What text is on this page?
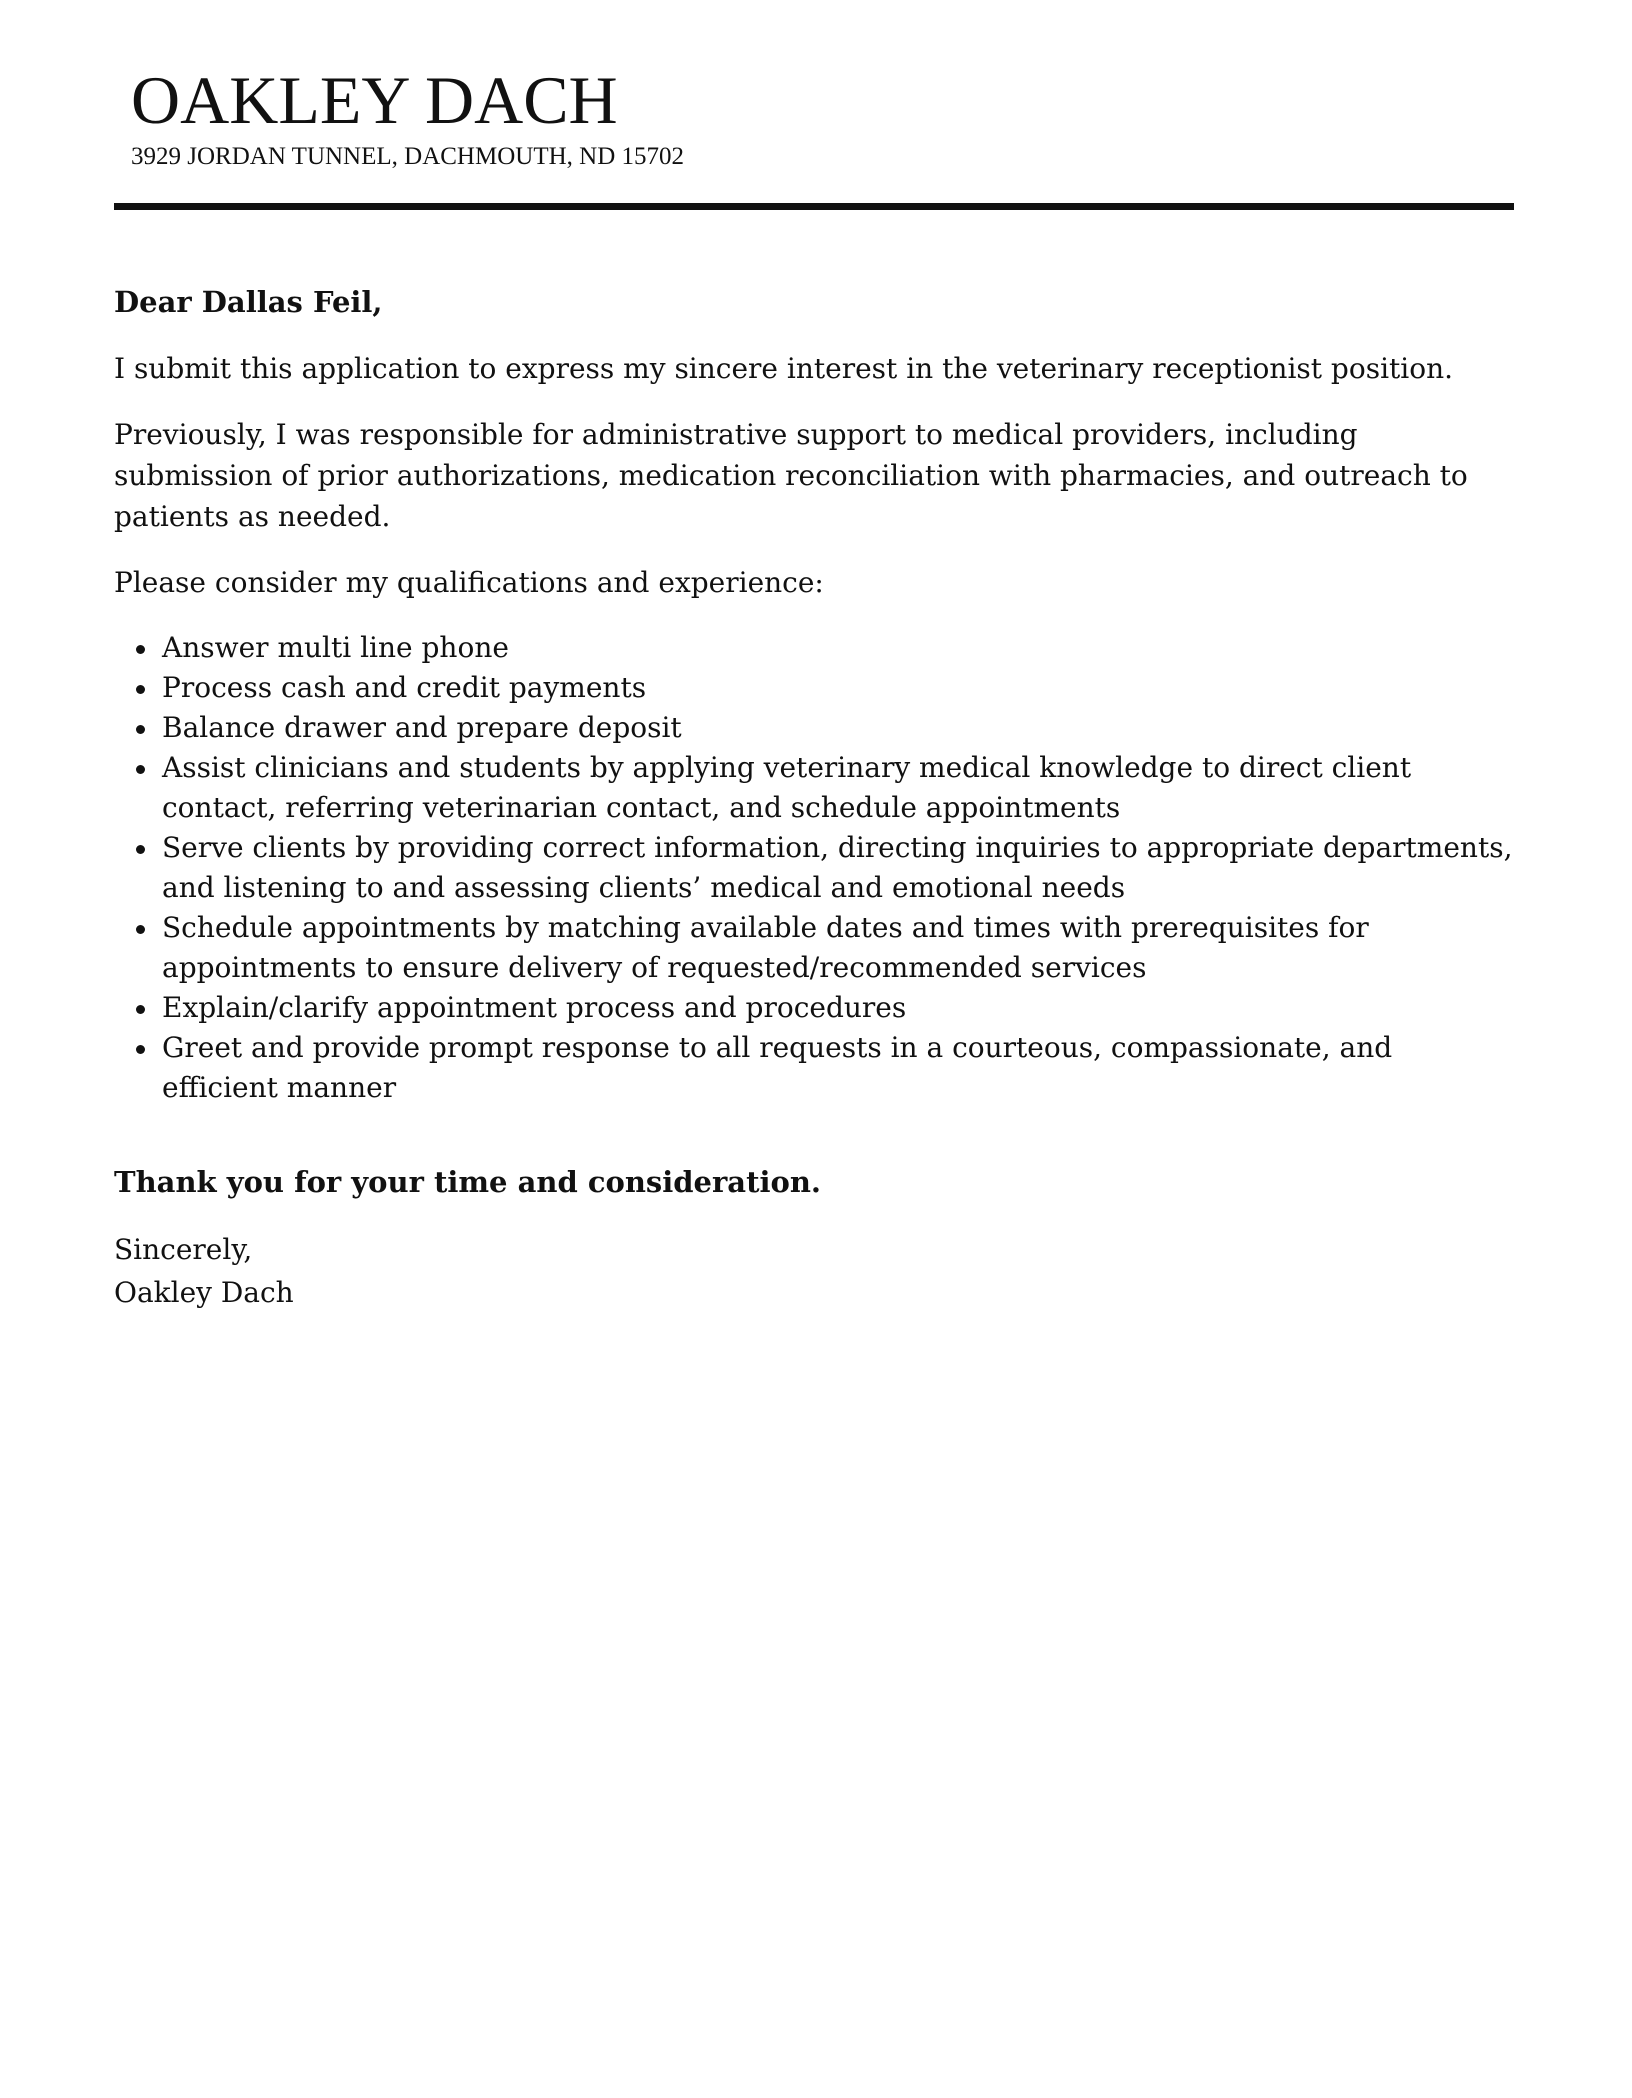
OAKLEY DACH
3929 JORDAN TUNNEL, DACHMOUTH, ND 15702

Dear Dallas Feil,

I submit this application to express my sincere interest in the veterinary receptionist position.

Previously, I was responsible for administrative support to medical providers, including submission of prior authorizations, medication reconciliation with pharmacies, and outreach to patients as needed.

Please consider my qualifications and experience:

Answer multi line phone
Process cash and credit payments
Balance drawer and prepare deposit
Assist clinicians and students by applying veterinary medical knowledge to direct client contact, referring veterinarian contact, and schedule appointments
Serve clients by providing correct information, directing inquiries to appropriate departments, and listening to and assessing clients’ medical and emotional needs
Schedule appointments by matching available dates and times with prerequisites for appointments to ensure delivery of requested/recommended services
Explain/clarify appointment process and procedures
Greet and provide prompt response to all requests in a courteous, compassionate, and efficient manner

Thank you for your time and consideration.

Sincerely,

Oakley Dach
